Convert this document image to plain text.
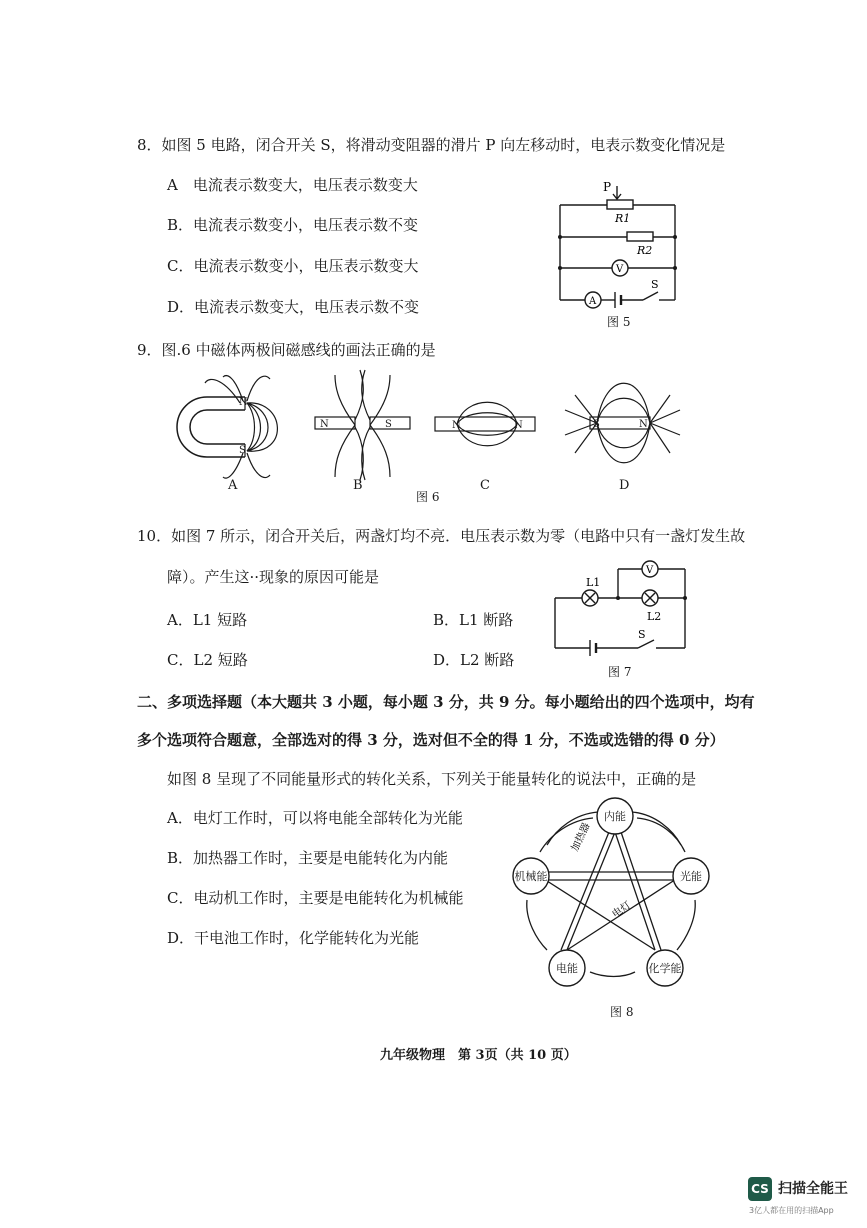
8．如图 5 电路，闭合开关 S，将滑动变阻器的滑片 P 向左移动时，电表示数变化情况是
A　电流表示数变大，电压表示数变大
B．电流表示数变小，电压表示数不变
C．电流表示数变小，电压表示数变大
D．电流表示数变大，电压表示数不变
P
R1
R2
V
A
S
图 5
9．图.6 中磁体两极间磁感线的画法正确的是
N
S
N	S	N	N	S	N
A	B	C	D
图 6
10．如图 7 所示，闭合开关后，两盏灯均不亮．电压表示数为零（电路中只有一盏灯发生故
障）。产生这··现象的原因可能是
A．L1 短路	B．L1 断路
C．L2 短路	D．L2 断路
L1
L2
V
S
图 7
二、多项选择题（本大题共 3 小题，每小题 3 分，共 9 分。每小题给出的四个选项中，均有
多个选项符合题意，全部选对的得 3 分，选对但不全的得 1 分，不选或选错的得 0 分）
如图 8 呈现了不同能量形式的转化关系，下列关于能量转化的说法中，正确的是
A．电灯工作时，可以将电能全部转化为光能
B．加热器工作时，主要是电能转化为内能
C．电动机工作时，主要是电能转化为机械能
D．干电池工作时，化学能转化为光能
内能
光能
化学能
电能
机械能
加热器
电灯
图 8
九年级物理　第 3页（共 10 页）
CS 扫描全能王
3亿人都在用的扫描App
